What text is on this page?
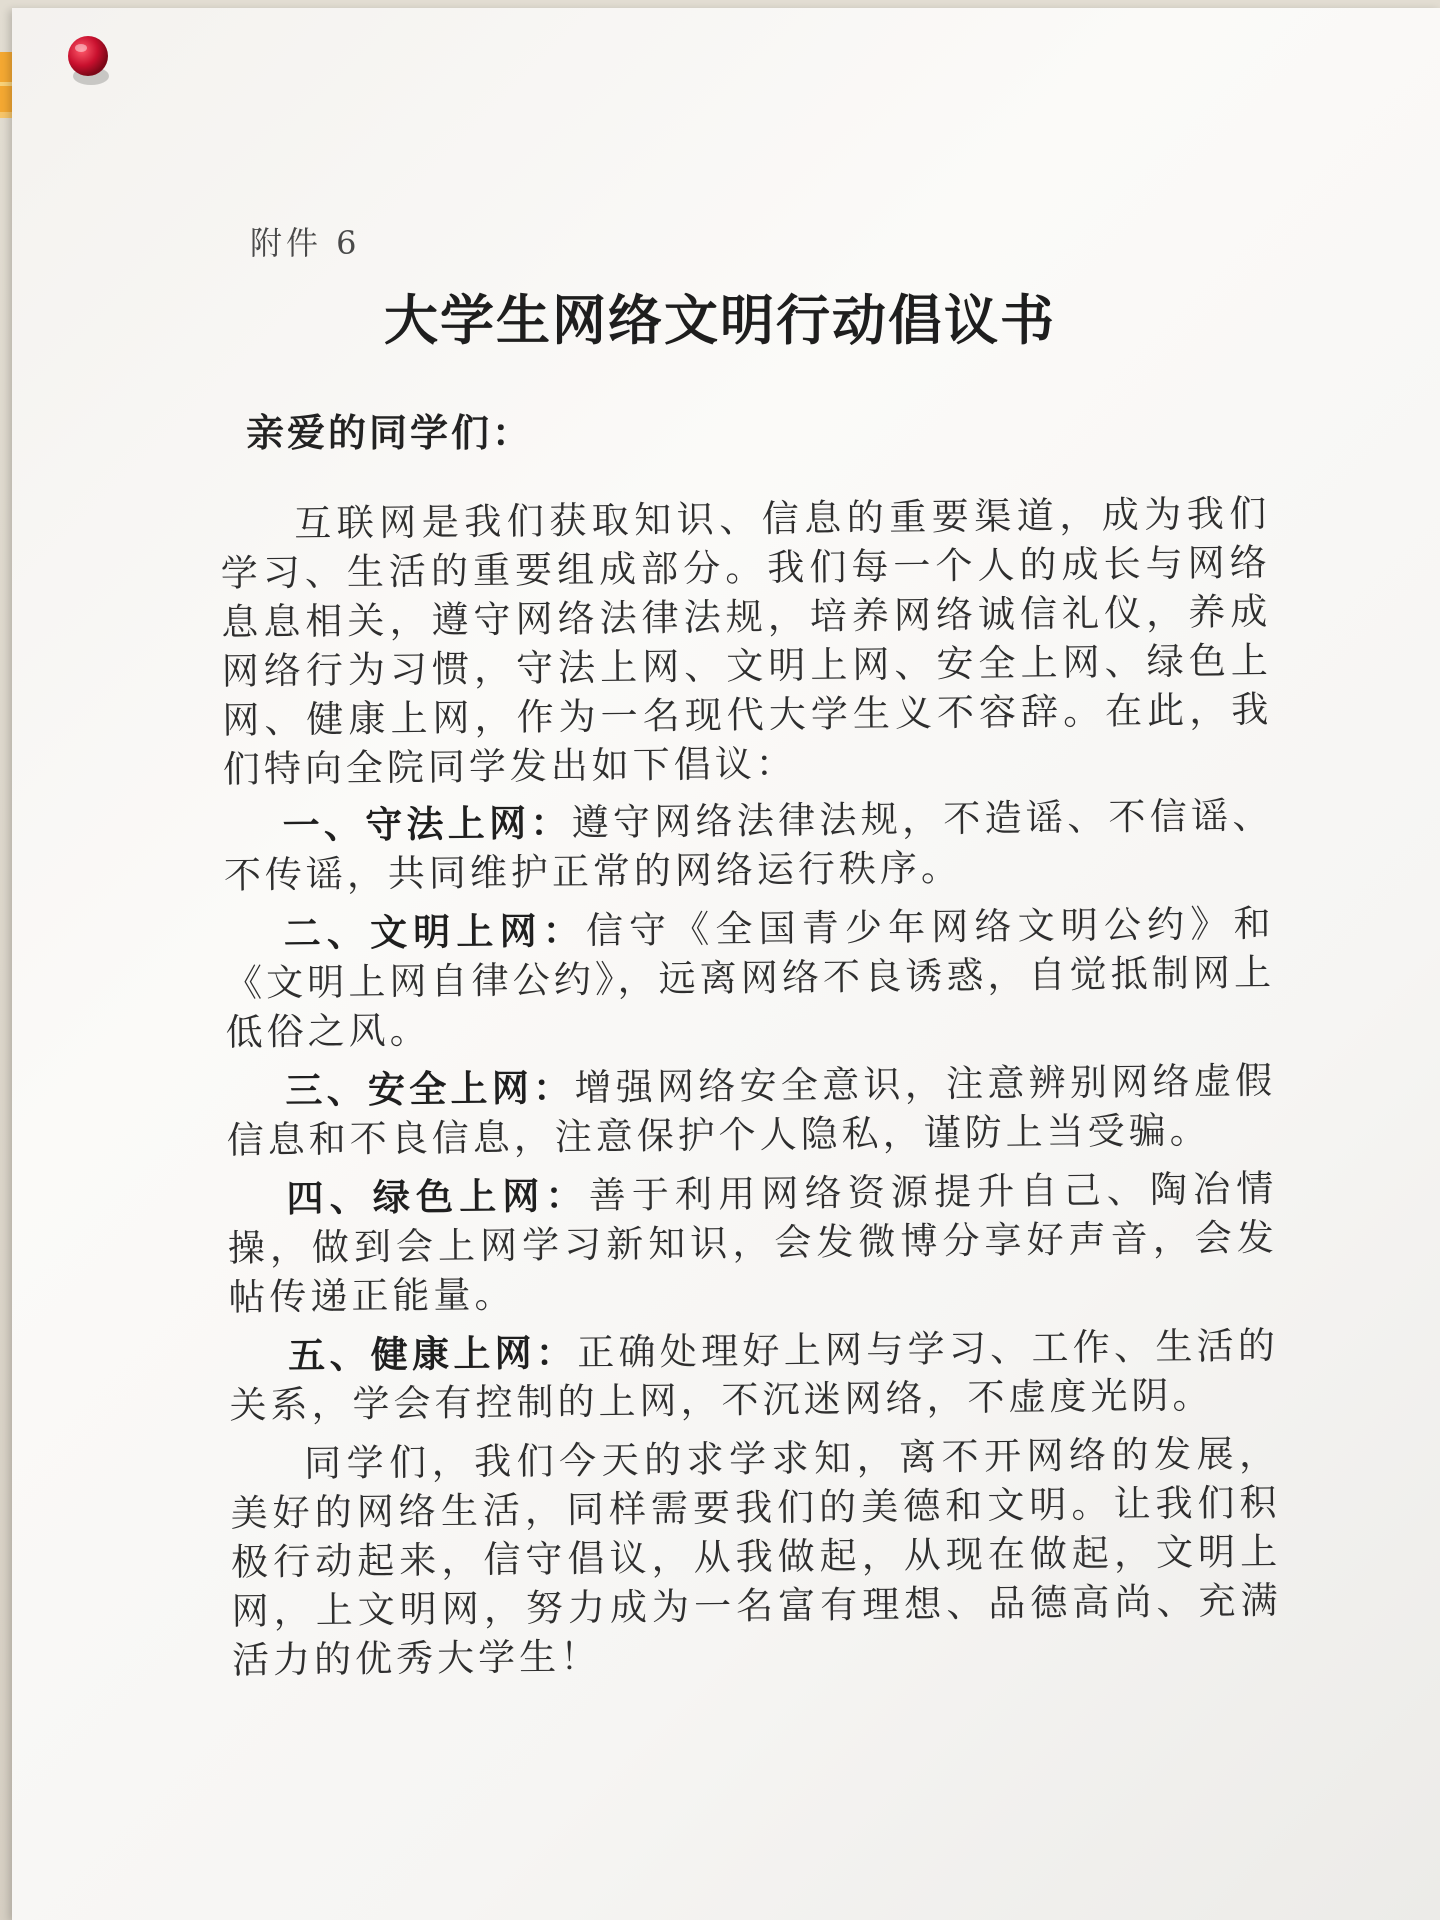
附件 6
大学生网络文明行动倡议书
亲爱的同学们：

互联网是我们获取知识、信息的重要渠道，成为我们学习、生活的重要组成部分。我们每一个人的成长与网络息息相关，遵守网络法律法规，培养网络诚信礼仪，养成网络行为习惯，守法上网、文明上网、安全上网、绿色上网、健康上网，作为一名现代大学生义不容辞。在此，我们特向全院同学发出如下倡议：

一、守法上网：遵守网络法律法规，不造谣、不信谣、不传谣，共同维护正常的网络运行秩序。

二、文明上网：信守《全国青少年网络文明公约》和《文明上网自律公约》，远离网络不良诱惑，自觉抵制网上低俗之风。

三、安全上网：增强网络安全意识，注意辨别网络虚假信息和不良信息，注意保护个人隐私，谨防上当受骗。

四、绿色上网：善于利用网络资源提升自己、陶冶情操，做到会上网学习新知识，会发微博分享好声音，会发帖传递正能量。

五、健康上网：正确处理好上网与学习、工作、生活的关系，学会有控制的上网，不沉迷网络，不虚度光阴。

同学们，我们今天的求学求知，离不开网络的发展，美好的网络生活，同样需要我们的美德和文明。让我们积极行动起来，信守倡议，从我做起，从现在做起，文明上网，上文明网，努力成为一名富有理想、品德高尚、充满活力的优秀大学生！
